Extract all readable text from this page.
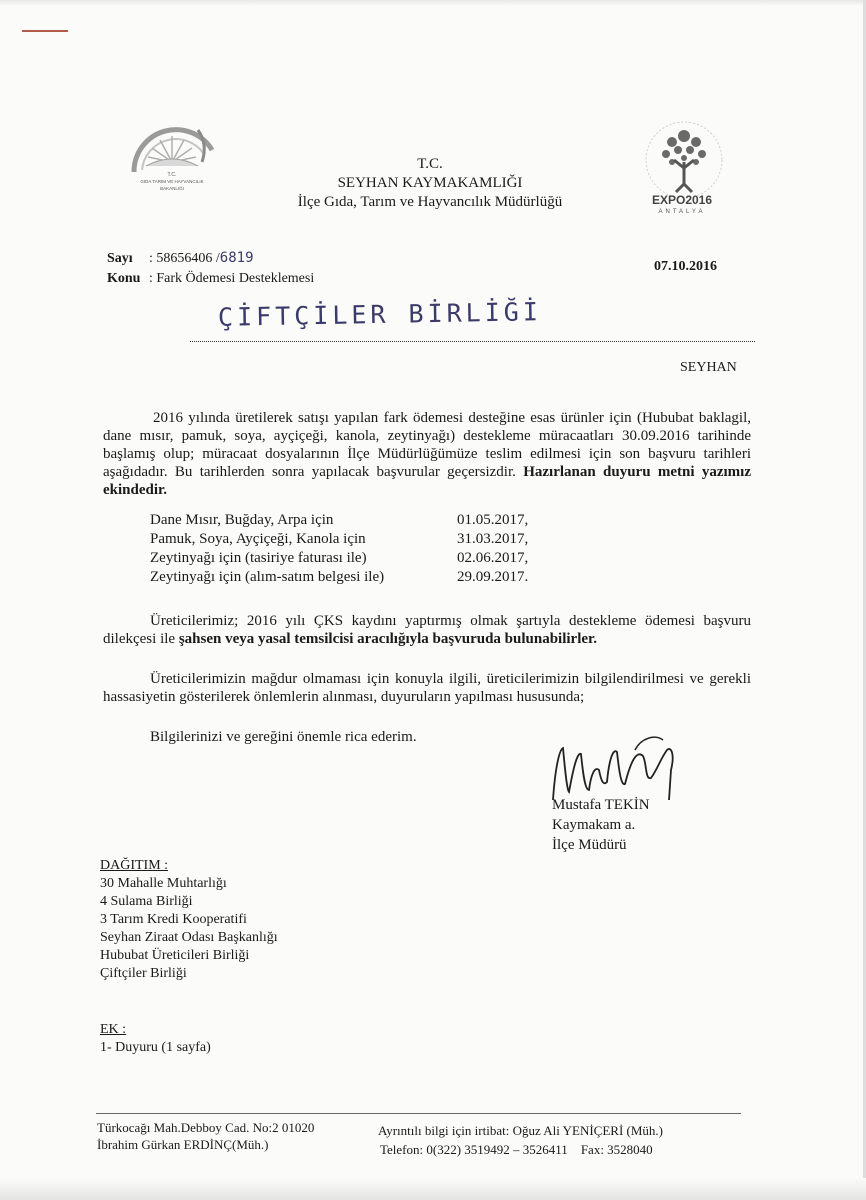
T.C.
GIDA TARIM VE HAYVANCILIK
BAKANLIĞI
EXPO2016
ANTALYA
T.C.
SEYHAN KAYMAKAMLIĞI
İlçe Gıda, Tarım ve Hayvancılık Müdürlüğü
Sayı : 58656406 /6819
Konu : Fark Ödemesi Desteklemesi
07.10.2016
ÇİFTÇİLER BİRLİĞİ
SEYHAN
2016 yılında üretilerek satışı yapılan fark ödemesi desteğine esas ürünler için (Hububat baklagil, dane mısır, pamuk, soya, ayçiçeği, kanola, zeytinyağı) destekleme müracaatları 30.09.2016 tarihinde başlamış olup; müracaat dosyalarının İlçe Müdürlüğümüze teslim edilmesi için son başvuru tarihleri aşağıdadır. Bu tarihlerden sonra yapılacak başvurular geçersizdir. Hazırlanan duyuru metni yazımız ekindedir.
Dane Mısır, Buğday, Arpa için	01.05.2017,
Pamuk, Soya, Ayçiçeği, Kanola için	31.03.2017,
Zeytinyağı için (tasiriye faturası ile)	02.06.2017,
Zeytinyağı için (alım-satım belgesi ile)	29.09.2017.
Üreticilerimiz; 2016 yılı ÇKS kaydını yaptırmış olmak şartıyla destekleme ödemesi başvuru dilekçesi ile şahsen veya yasal temsilcisi aracılığıyla başvuruda bulunabilirler.
Üreticilerimizin mağdur olmaması için konuyla ilgili, üreticilerimizin bilgilendirilmesi ve gerekli hassasiyetin gösterilerek önlemlerin alınması, duyuruların yapılması hususunda;
Bilgilerinizi ve gereğini önemle rica ederim.
Mustafa TEKİN
Kaymakam a.
İlçe Müdürü
DAĞITIM :
30 Mahalle Muhtarlığı
4 Sulama Birliği
3 Tarım Kredi Kooperatifi
Seyhan Ziraat Odası Başkanlığı
Hububat Üreticileri Birliği
Çiftçiler Birliği
EK :
1- Duyuru (1 sayfa)
Türkocağı Mah.Debboy Cad. No:2 01020
İbrahim Gürkan ERDİNÇ(Müh.)
Ayrıntılı bilgi için irtibat: Oğuz Ali YENİÇERİ (Müh.)
Telefon: 0(322) 3519492 – 3526411 Fax: 3528040
